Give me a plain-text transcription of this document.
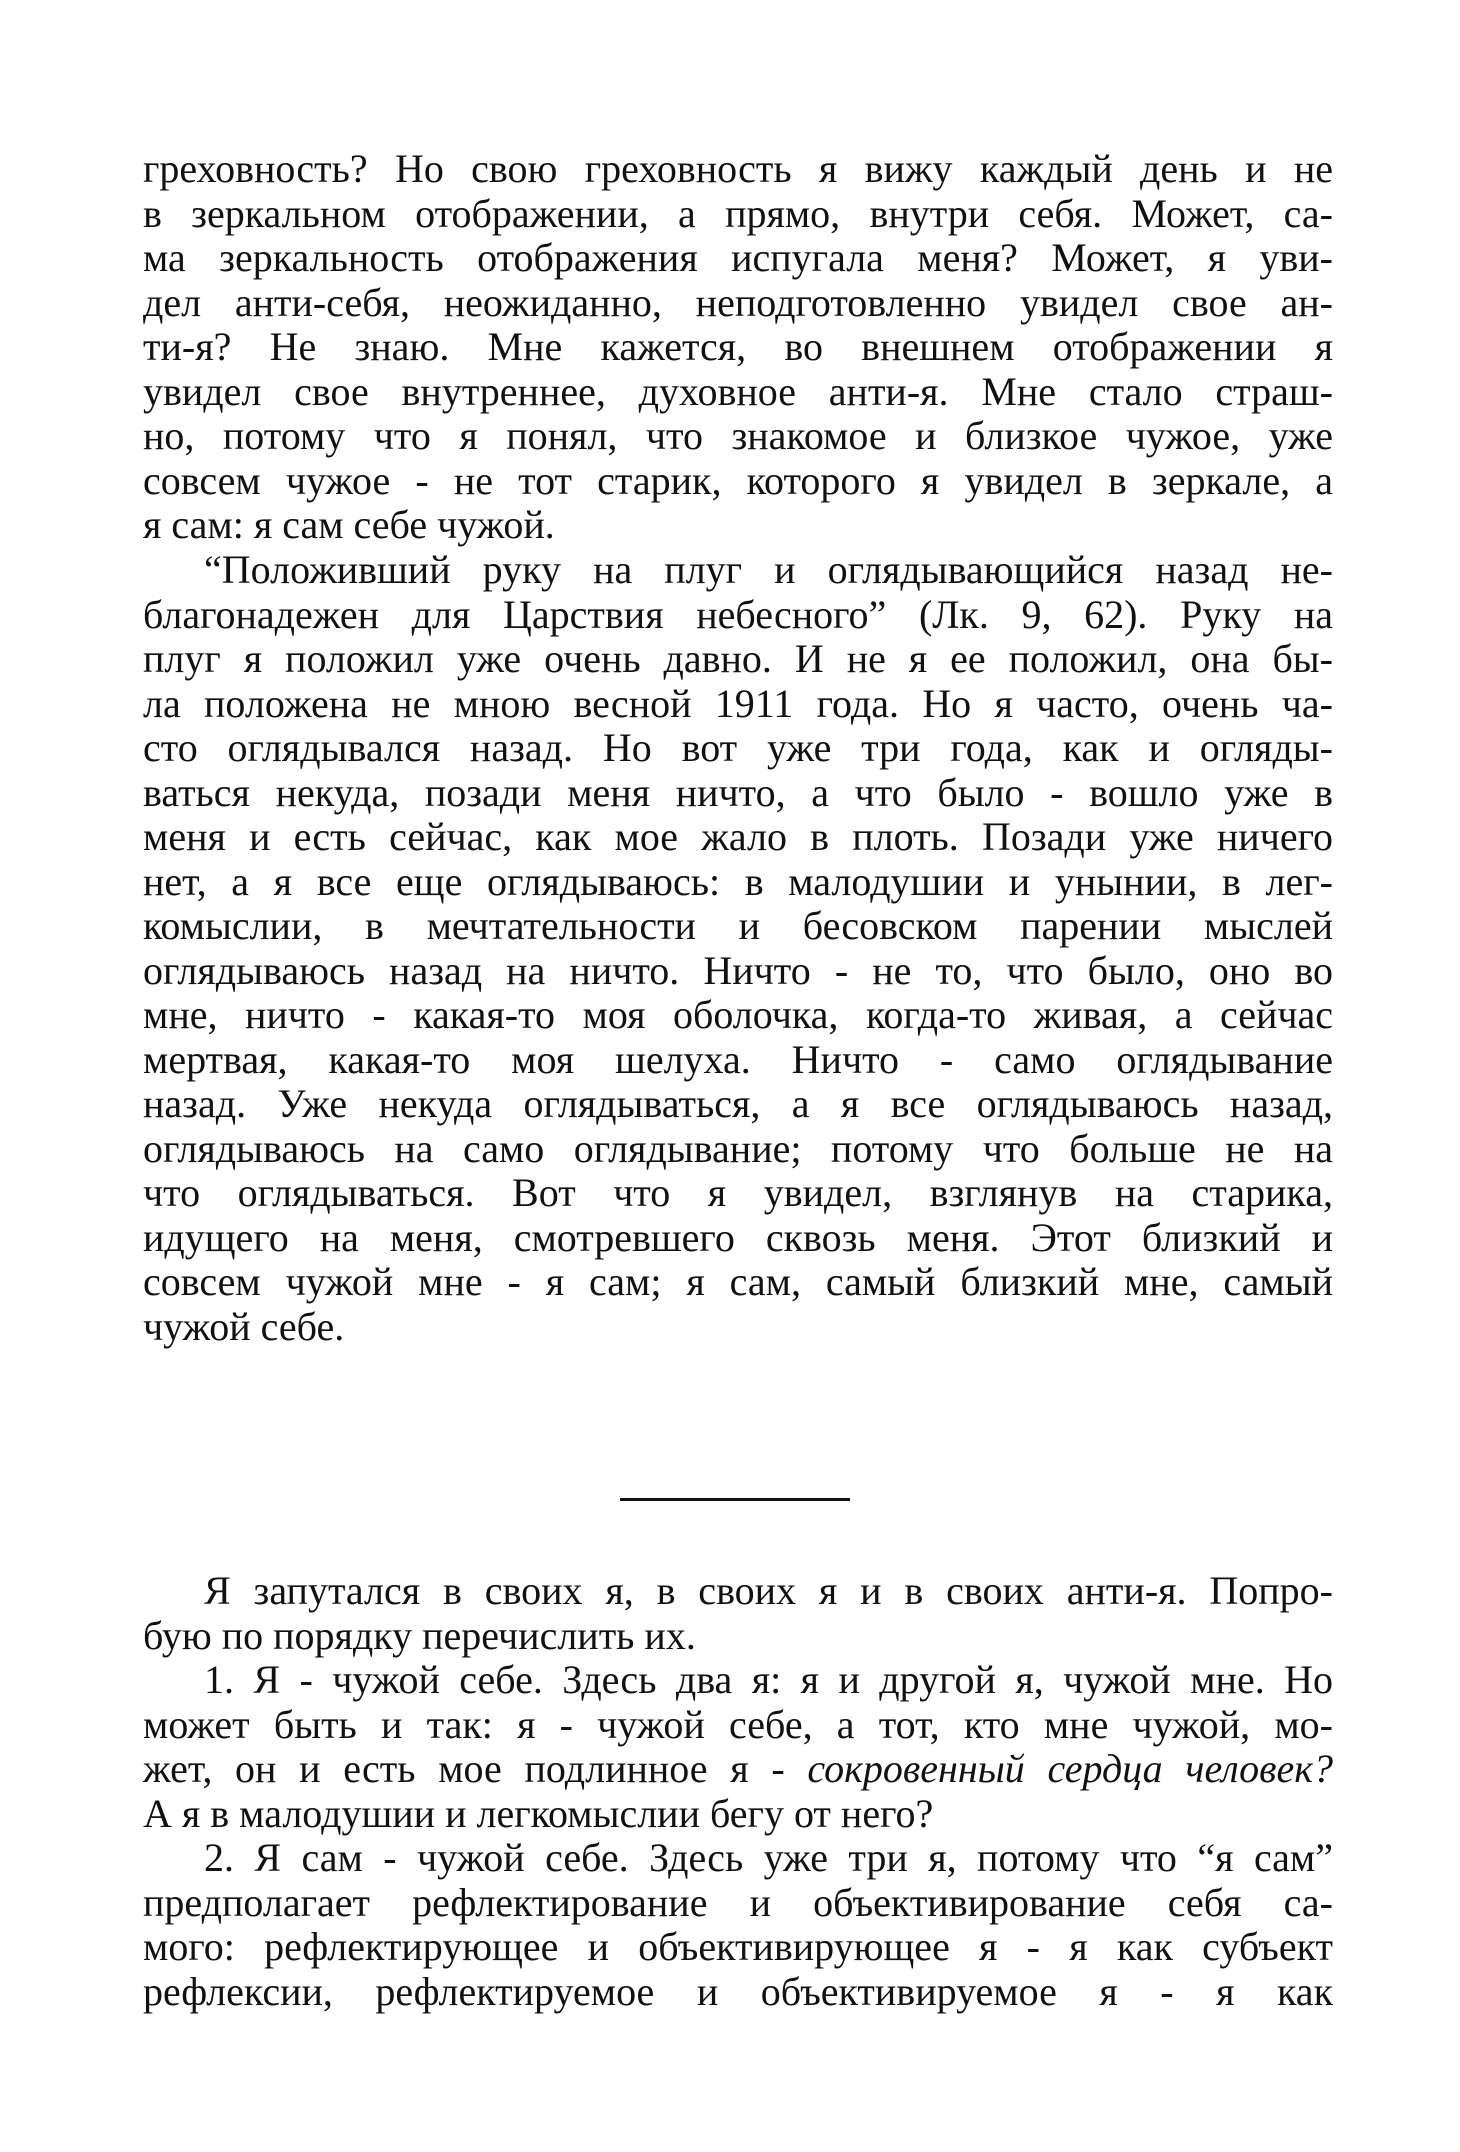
греховность? Но свою греховность я вижу каждый день и не
в зеркальном отображении, а прямо, внутри себя. Может, са-
ма зеркальность отображения испугала меня? Может, я уви-
дел анти-себя, неожиданно, неподготовленно увидел свое ан-
ти-я? Не знаю. Мне кажется, во внешнем отображении я
увидел свое внутреннее, духовное анти-я. Мне стало страш-
но, потому что я понял, что знакомое и близкое чужое, уже
совсем чужое - не тот старик, которого я увидел в зеркале, а
я сам: я сам себе чужой.
“Положивший руку на плуг и оглядывающийся назад не-
благонадежен для Царствия небесного” (Лк. 9, 62). Руку на
плуг я положил уже очень давно. И не я ее положил, она бы-
ла положена не мною весной 1911 года. Но я часто, очень ча-
сто оглядывался назад. Но вот уже три года, как и огляды-
ваться некуда, позади меня ничто, а что было - вошло уже в
меня и есть сейчас, как мое жало в плоть. Позади уже ничего
нет, а я все еще оглядываюсь: в малодушии и унынии, в лег-
комыслии, в мечтательности и бесовском парении мыслей
оглядываюсь назад на ничто. Ничто - не то, что было, оно во
мне, ничто - какая-то моя оболочка, когда-то живая, а сейчас
мертвая, какая-то моя шелуха. Ничто - само оглядывание
назад. Уже некуда оглядываться, а я все оглядываюсь назад,
оглядываюсь на само оглядывание; потому что больше не на
что оглядываться. Вот что я увидел, взглянув на старика,
идущего на меня, смотревшего сквозь меня. Этот близкий и
совсем чужой мне - я сам; я сам, самый близкий мне, самый
чужой себе.
Я запутался в своих я, в своих я и в своих анти-я. Попро-
бую по порядку перечислить их.
1. Я - чужой себе. Здесь два я: я и другой я, чужой мне. Но
может быть и так: я - чужой себе, а тот, кто мне чужой, мо-
жет, он и есть мое подлинное я - сокровенный сердца человек?
А я в малодушии и легкомыслии бегу от него?
2. Я сам - чужой себе. Здесь уже три я, потому что “я сам”
предполагает рефлектирование и объективирование себя са-
мого: рефлектирующее и объективирующее я - я как субъект
рефлексии, рефлектируемое и объективируемое я - я как
